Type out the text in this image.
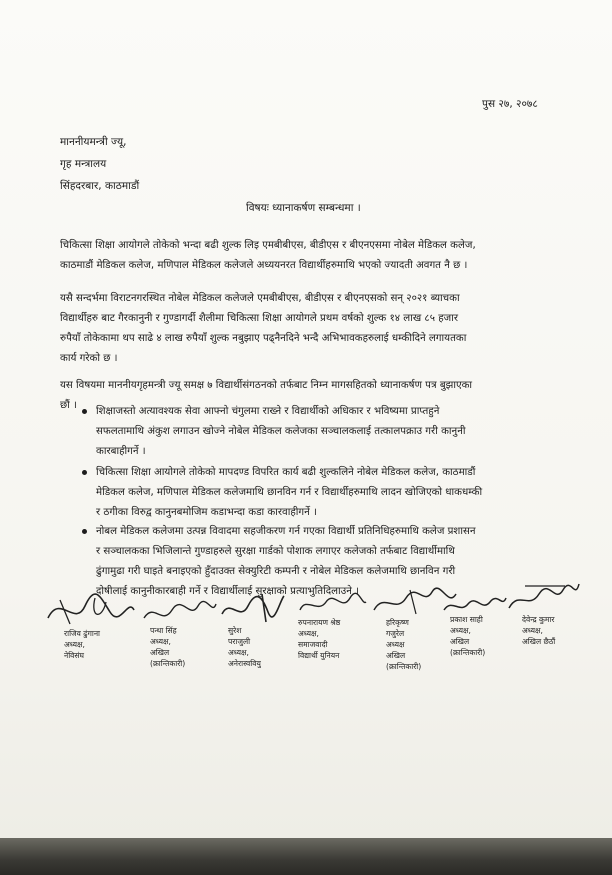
पुस २७, २०७८
माननीयमन्त्री ज्यू,
गृह मन्त्रालय
सिंहदरबार, काठमाडौं
विषयः ध्यानाकर्षण सम्बन्धमा ।
चिकित्सा शिक्षा आयोगले तोकेको भन्दा बढी शुल्क लिइ एमबीबीएस, बीडीएस र बीएनएसमा नोबेल मेडिकल कलेज,
काठमाडौं मेडिकल कलेज, मणिपाल मेडिकल कलेजले अध्ययनरत विद्यार्थीहरुमाथि भएको ज्यादती अवगत नै छ ।
यसै सन्दर्भमा विराटनगरस्थित नोबेल मेडिकल कलेजले एमबीबीएस, बीडीएस र बीएनएसको सन् २०२१ ब्याचका
विद्यार्थीहरु बाट गैरकानुनी र गुण्डागर्दी शैलीमा चिकित्सा शिक्षा आयोगले प्रथम वर्षको शुल्क १४ लाख ८५ हजार
रुपैयाँ तोकेकामा थप साढे ४ लाख रुपैयाँ शुल्क नबुझाए पढ्नैनदिने भन्दै अभिभावकहरुलाई धम्कीदिने लगायतका
कार्य गरेको छ ।
यस विषयमा माननीयगृहमन्त्री ज्यू समक्ष ७ विद्यार्थीसंगठनको तर्फबाट निम्न मागसहितको ध्यानाकर्षण पत्र बुझाएका
छौं ।
शिक्षाजस्तो अत्यावश्यक सेवा आफ्नो चंगुलमा राख्ने र विद्यार्थीको अधिकार र भविष्यमा प्राप्तहुने
सफलतामाथि अंकुश लगाउन खोज्ने नोबेल मेडिकल कलेजका सञ्चालकलाई तत्कालपक्राउ गरी कानुनी
कारबाहीगर्ने ।
चिकित्सा शिक्षा आयोगले तोकेको मापदण्ड विपरित कार्य बढी शुल्कलिने नोबेल मेडिकल कलेज, काठमाडौं
मेडिकल कलेज, मणिपाल मेडिकल कलेजमाथि छानविन गर्न र विद्यार्थीहरुमाथि लादन खोजिएको धाकधम्की
र ठगीका विरुद्व कानुनबमोजिम कडाभन्दा कडा कारवाहीगर्ने ।
नोबल मेडिकल कलेजमा उत्पन्न विवादमा सहजीकरण गर्न गएका विद्यार्थी प्रतिनिधिहरुमाथि कलेज प्रशासन
र सञ्चालकका भिजिलान्ते गुण्डाहरुले सुरक्षा गार्डको पोशाक लगाएर कलेजको तर्फबाट विद्यार्थीमाथि
ढुंगामुढा गरी घाइते बनाइएको हुँदाउक्त सेक्युरिटी कम्पनी र नोबेल मेडिकल कलेजमाथि छानविन गरी
दोषीलाई कानुनीकारबाही गर्ने र विद्यार्थीलाई सुरक्षाको प्रत्याभुतिदिलाउने ।
राजिव ढुंगाना
अध्यक्ष,
नेविसंघ
पन्था सिंह
अध्यक्ष,
अखिल
(क्रान्तिकारी)
सुरेश
पराजुली
अध्यक्ष,
अनेरास्ववियु
रुपनारायण श्रेष्ठ
अध्यक्ष,
समाजवादी
विद्यार्थी युनियन
हरिकृष्ण
गजुरेल
अध्यक्ष
अखिल
(क्रान्तिकारी)
प्रकाश साही
अध्यक्ष,
अखिल
(क्रान्तिकारी)
देवेन्द्र कुमार
अध्यक्ष,
अखिल छैठौं
